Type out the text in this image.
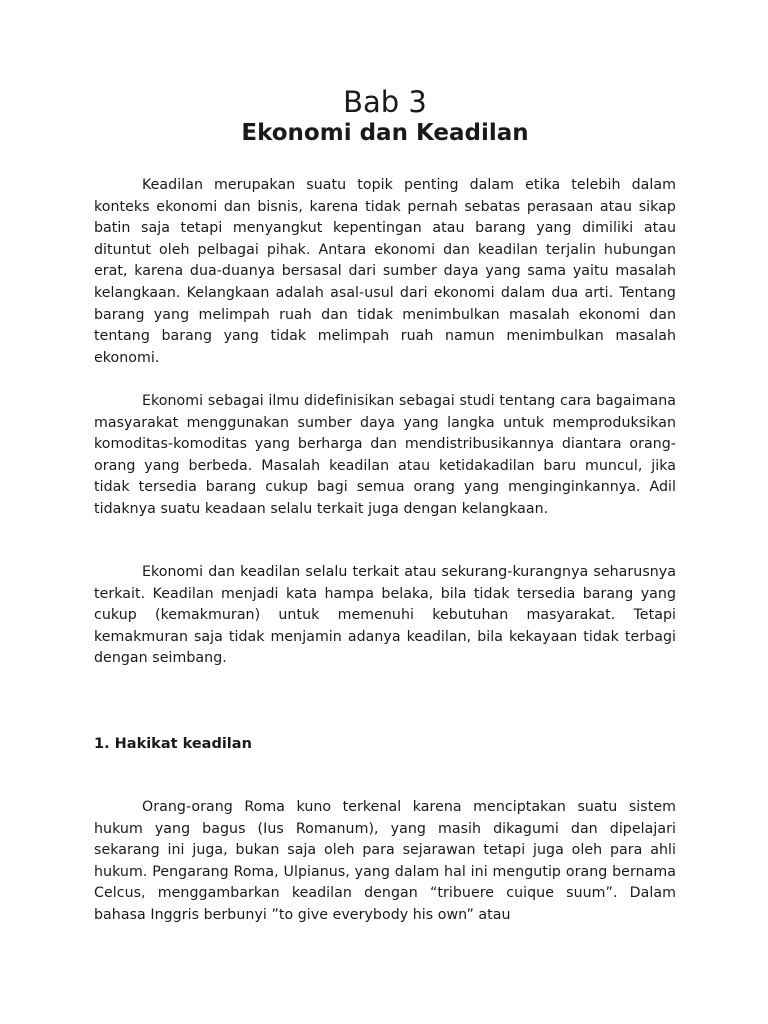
Bab 3
Ekonomi dan Keadilan

Keadilan merupakan suatu topik penting dalam etika telebih dalam konteks ekonomi dan bisnis, karena tidak pernah sebatas perasaan atau sikap batin saja tetapi menyangkut kepentingan atau barang yang dimiliki atau dituntut oleh pelbagai pihak. Antara ekonomi dan keadilan terjalin hubungan erat, karena dua-duanya bersasal dari sumber daya yang sama yaitu masalah kelangkaan. Kelangkaan adalah asal-usul dari ekonomi dalam dua arti. Tentang barang yang melimpah ruah dan tidak menimbulkan masalah ekonomi dan tentang barang yang tidak melimpah ruah namun menimbulkan masalah ekonomi.

Ekonomi sebagai ilmu didefinisikan sebagai studi tentang cara bagaimana masyarakat menggunakan sumber daya yang langka untuk memproduksikan komoditas-komoditas yang berharga dan mendistribusikannya diantara orang-orang yang berbeda. Masalah keadilan atau ketidakadilan baru muncul, jika tidak tersedia barang cukup bagi semua orang yang menginginkannya. Adil tidaknya suatu keadaan selalu terkait juga dengan kelangkaan.

Ekonomi dan keadilan selalu terkait atau sekurang-kurangnya seharusnya terkait. Keadilan menjadi kata hampa belaka, bila tidak tersedia barang yang cukup (kemakmuran) untuk memenuhi kebutuhan masyarakat. Tetapi kemakmuran saja tidak menjamin adanya keadilan, bila kekayaan tidak terbagi dengan seimbang.

1. Hakikat keadilan

Orang-orang Roma kuno terkenal karena menciptakan suatu sistem hukum yang bagus (Ius Romanum), yang masih dikagumi dan dipelajari sekarang ini juga, bukan saja oleh para sejarawan tetapi juga oleh para ahli hukum. Pengarang Roma, Ulpianus, yang dalam hal ini mengutip orang bernama Celcus, menggambarkan keadilan dengan “tribuere cuique suum”. Dalam bahasa Inggris berbunyi ”to give everybody his own” atau
